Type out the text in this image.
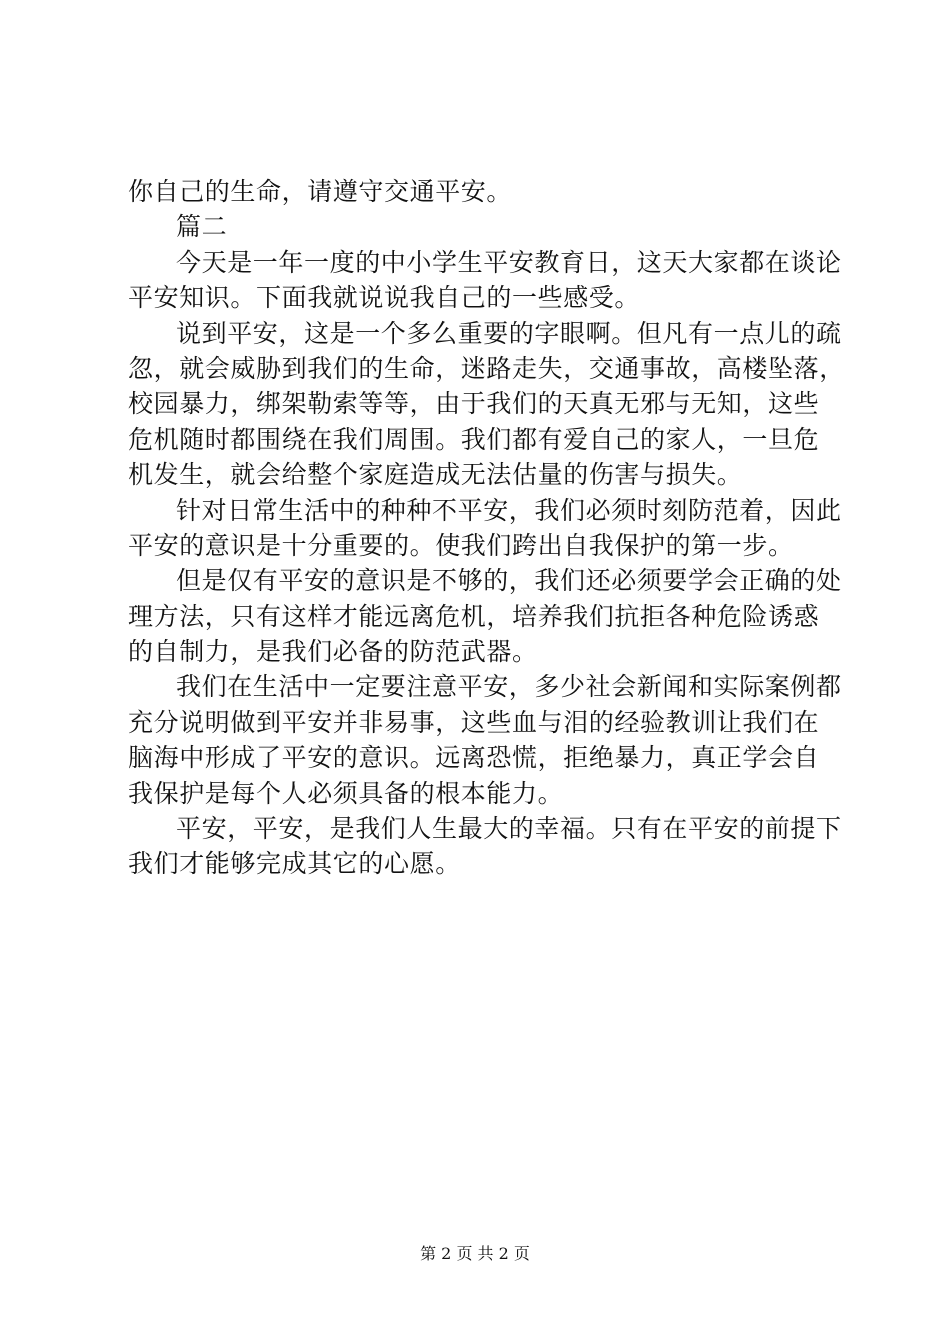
你自己的生命，请遵守交通平安。
篇二
今天是一年一度的中小学生平安教育日，这天大家都在谈论
平安知识。下面我就说说我自己的一些感受。
说到平安，这是一个多么重要的字眼啊。但凡有一点儿的疏
忽，就会威胁到我们的生命，迷路走失，交通事故，高楼坠落，
校园暴力，绑架勒索等等，由于我们的天真无邪与无知，这些
危机随时都围绕在我们周围。我们都有爱自己的家人，一旦危
机发生，就会给整个家庭造成无法估量的伤害与损失。
针对日常生活中的种种不平安，我们必须时刻防范着，因此
平安的意识是十分重要的。使我们跨出自我保护的第一步。
但是仅有平安的意识是不够的，我们还必须要学会正确的处
理方法，只有这样才能远离危机，培养我们抗拒各种危险诱惑
的自制力，是我们必备的防范武器。
我们在生活中一定要注意平安，多少社会新闻和实际案例都
充分说明做到平安并非易事，这些血与泪的经验教训让我们在
脑海中形成了平安的意识。远离恐慌，拒绝暴力，真正学会自
我保护是每个人必须具备的根本能力。
平安，平安，是我们人生最大的幸福。只有在平安的前提下
我们才能够完成其它的心愿。
第 2 页 共 2 页
